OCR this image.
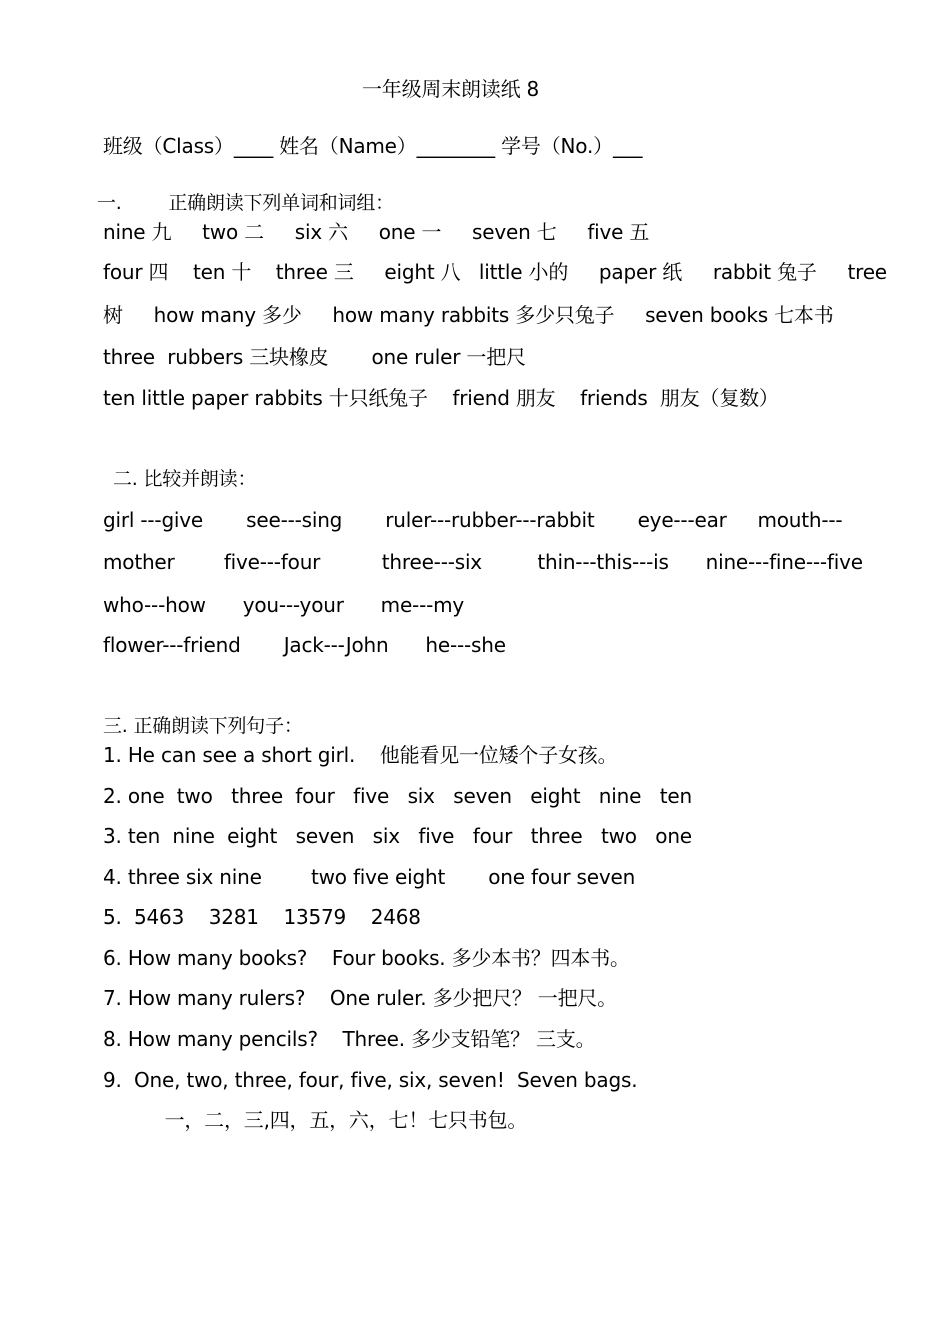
一年级周末朗读纸 8
班级（Class）____ 姓名（Name）________ 学号（No.）___
一.        正确朗读下列单词和词组：
nine 九     two 二     six 六     one 一     seven 七     five 五
four 四    ten 十    three 三     eight 八   little 小的     paper 纸     rabbit 兔子     tree
树     how many 多少     how many rabbits 多少只兔子     seven books 七本书
three  rubbers 三块橡皮       one ruler 一把尺
ten little paper rabbits 十只纸兔子    friend 朋友    friends  朋友（复数）
二. 比较并朗读：
girl ---give       see---sing       ruler---rubber---rabbit       eye---ear     mouth---
mother        five---four          three---six         thin---this---is      nine---fine---five
who---how      you---your      me---my
flower---friend       Jack---John      he---she
三. 正确朗读下列句子：
1. He can see a short girl.    他能看见一位矮个子女孩。
2. one  two   three  four   five   six   seven   eight   nine   ten
3. ten  nine  eight   seven   six   five   four   three   two   one
4. three six nine        two five eight       one four seven
5.  5463    3281    13579    2468
6. How many books?    Four books. 多少本书？四本书。
7. How many rulers?    One ruler. 多少把尺？ 一把尺。
8. How many pencils?    Three. 多少支铅笔？ 三支。
9.  One, two, three, four, five, six, seven!  Seven bags.
一，二，三,四，五，六，七！七只书包。
